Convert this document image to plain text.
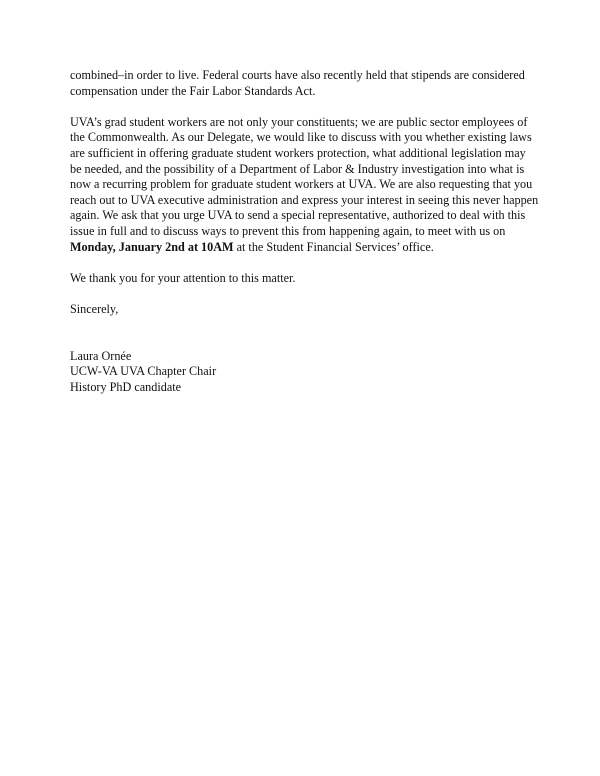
combined–in order to live. Federal courts have also recently held that stipends are considered compensation under the Fair Labor Standards Act.

UVA’s grad student workers are not only your constituents; we are public sector employees of the Commonwealth. As our Delegate, we would like to discuss with you whether existing laws are sufficient in offering graduate student workers protection, what additional legislation may be needed, and the possibility of a Department of Labor & Industry investigation into what is now a recurring problem for graduate student workers at UVA. We are also requesting that you reach out to UVA executive administration and express your interest in seeing this never happen again. We ask that you urge UVA to send a special representative, authorized to deal with this issue in full and to discuss ways to prevent this from happening again, to meet with us on Monday, January 2nd at 10AM at the Student Financial Services’ office.

We thank you for your attention to this matter.

Sincerely,

Laura Ornée
UCW-VA UVA Chapter Chair
History PhD candidate
